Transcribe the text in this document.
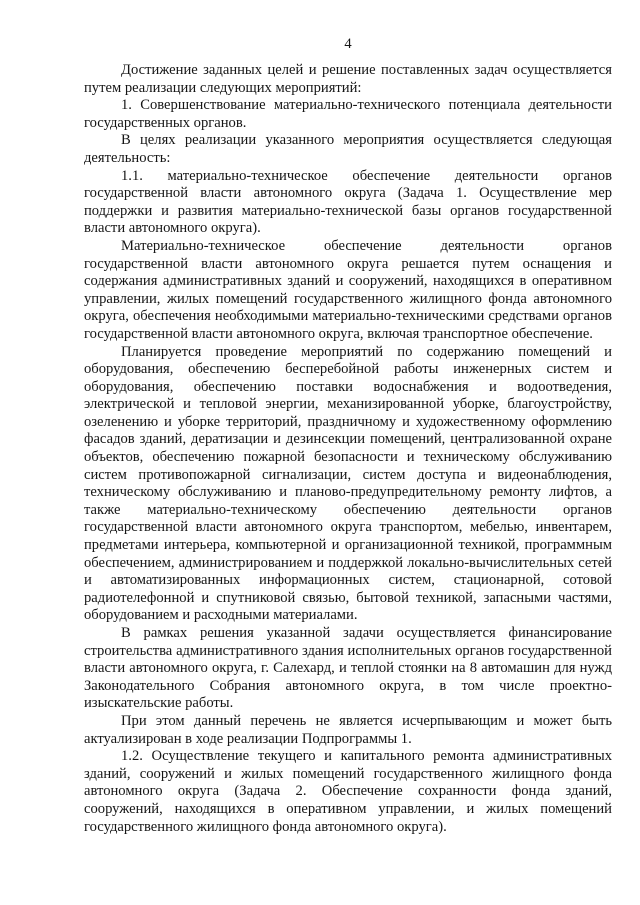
4

Достижение заданных целей и решение поставленных задач осуществляется путем реализации следующих мероприятий:

1. Совершенствование материально-технического потенциала деятельности государственных органов.

В целях реализации указанного мероприятия осуществляется следующая деятельность:

1.1. материально-техническое обеспечение деятельности органов государственной власти автономного округа (Задача 1. Осуществление мер поддержки и развития материально-технической базы органов государственной власти автономного округа).

Материально-техническое обеспечение деятельности органов государственной власти автономного округа решается путем оснащения и содержания административных зданий и сооружений, находящихся в оперативном управлении, жилых помещений государственного жилищного фонда автономного округа, обеспечения необходимыми материально-техническими средствами органов государственной власти автономного округа, включая транспортное обеспечение.

Планируется проведение мероприятий по содержанию помещений и оборудования, обеспечению бесперебойной работы инженерных систем и оборудования, обеспечению поставки водоснабжения и водоотведения, электрической и тепловой энергии, механизированной уборке, благоустройству, озеленению и уборке территорий, праздничному и художественному оформлению фасадов зданий, дератизации и дезинсекции помещений, централизованной охране объектов, обеспечению пожарной безопасности и техническому обслуживанию систем противопожарной сигнализации, систем доступа и видеонаблюдения, техническому обслуживанию и планово-предупредительному ремонту лифтов, а также материально-техническому обеспечению деятельности органов государственной власти автономного округа транспортом, мебелью, инвентарем, предметами интерьера, компьютерной и организационной техникой, программным обеспечением, администрированием и поддержкой локально-вычислительных сетей и автоматизированных информационных систем, стационарной, сотовой радиотелефонной и спутниковой связью, бытовой техникой, запасными частями, оборудованием и расходными материалами.

В рамках решения указанной задачи осуществляется финансирование строительства административного здания исполнительных органов государственной власти автономного округа, г. Салехард, и теплой стоянки на 8 автомашин для нужд Законодательного Собрания автономного округа, в том числе проектно-изыскательские работы.

При этом данный перечень не является исчерпывающим и может быть актуализирован в ходе реализации Подпрограммы 1.

1.2. Осуществление текущего и капитального ремонта административных зданий, сооружений и жилых помещений государственного жилищного фонда автономного округа (Задача 2. Обеспечение сохранности фонда зданий, сооружений, находящихся в оперативном управлении, и жилых помещений государственного жилищного фонда автономного округа).
